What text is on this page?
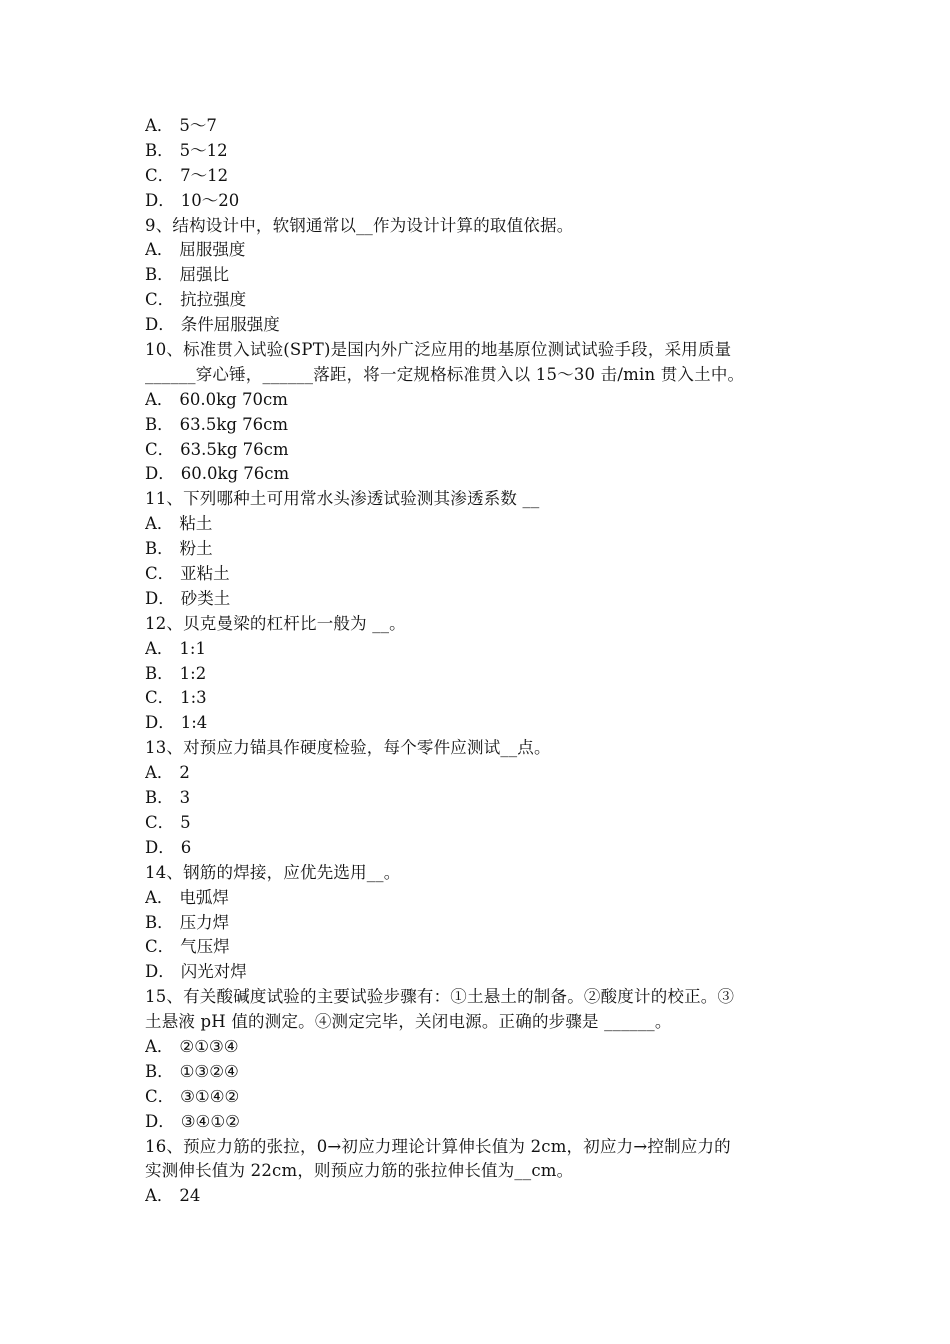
A． 5～7
B． 5～12
C． 7～12
D． 10～20
9、结构设计中，软钢通常以__作为设计计算的取值依据。
A． 屈服强度
B． 屈强比
C． 抗拉强度
D． 条件屈服强度
10、标准贯入试验(SPT)是国内外广泛应用的地基原位测试试验手段，采用质量
______穿心锤，______落距，将一定规格标准贯入以 15～30 击/min 贯入土中。
A． 60.0kg 70cm
B． 63.5kg 76cm
C． 63.5kg 76cm
D． 60.0kg 76cm
11、下列哪种土可用常水头渗透试验测其渗透系数 __
A． 粘土
B． 粉土
C． 亚粘土
D． 砂类土
12、贝克曼梁的杠杆比一般为 __。
A． 1:1
B． 1:2
C． 1:3
D． 1:4
13、对预应力锚具作硬度检验，每个零件应测试__点。
A． 2
B． 3
C． 5
D． 6
14、钢筋的焊接，应优先选用__。
A． 电弧焊
B． 压力焊
C． 气压焊
D． 闪光对焊
15、有关酸碱度试验的主要试验步骤有：①土悬土的制备。②酸度计的校正。③
土悬液 pH 值的测定。④测定完毕，关闭电源。正确的步骤是 ______。
A． ②①③④
B． ①③②④
C． ③①④②
D． ③④①②
16、预应力筋的张拉，0→初应力理论计算伸长值为 2cm，初应力→控制应力的
实测伸长值为 22cm，则预应力筋的张拉伸长值为__cm。
A． 24
